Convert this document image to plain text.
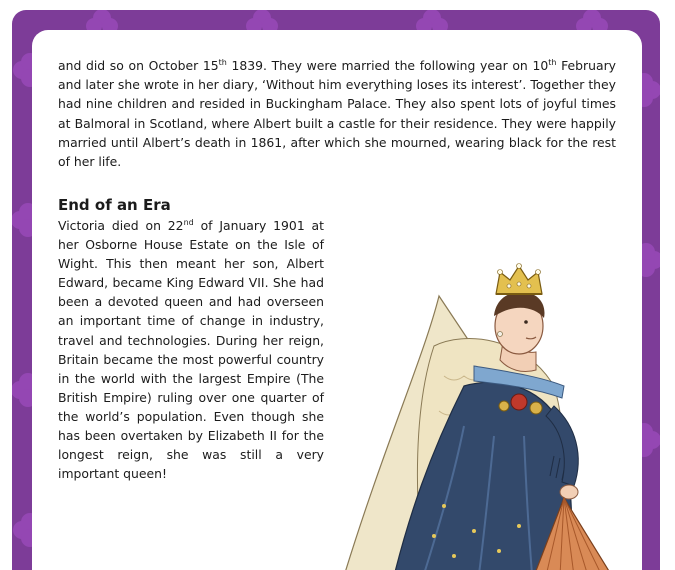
and did so on October 15th 1839. They were married the following year on 10th February and later she wrote in her diary, ‘Without him everything loses its interest’. Together they had nine children and resided in Buckingham Palace. They also spent lots of joyful times at Balmoral in Scotland, where Albert built a castle for their residence. They were happily married until Albert’s death in 1861, after which she mourned, wearing black for the rest of her life.

End of an Era

Victoria died on 22nd of January 1901 at her Osborne House Estate on the Isle of Wight. This then meant her son, Albert Edward, became King Edward VII. She had been a devoted queen and had overseen an important time of change in industry, travel and technologies. During her reign, Britain became the most powerful country in the world with the largest Empire (The British Empire) ruling over one quarter of the world’s population. Even though she has been overtaken by Elizabeth II for the longest reign, she was still a very important queen!
